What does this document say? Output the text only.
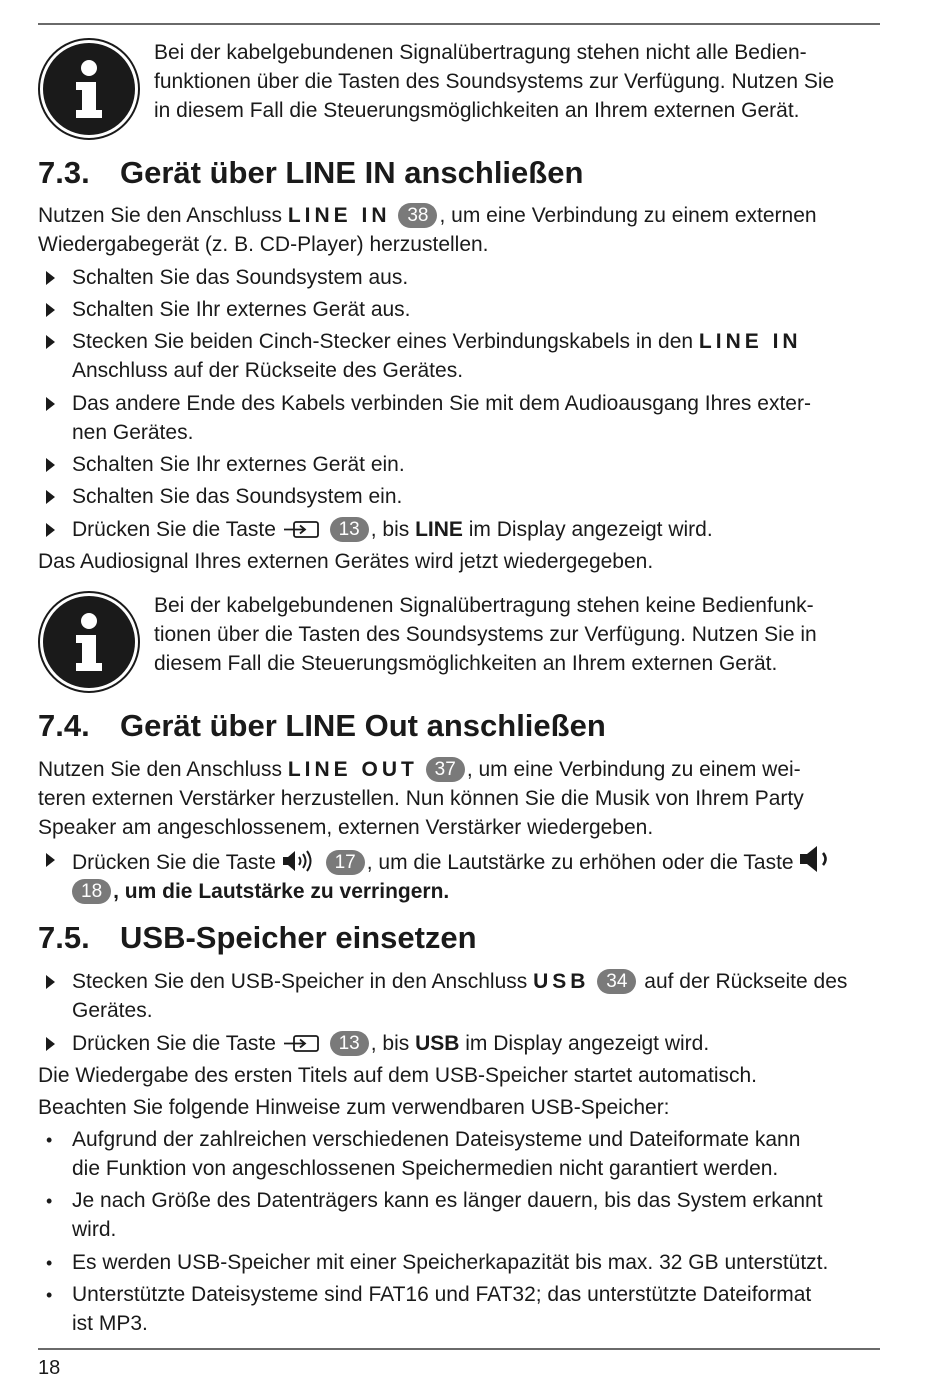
Bei der kabelgebundenen Signalübertragung stehen nicht alle Bedien-
funktionen über die Tasten des Soundsystems zur Verfügung. Nutzen Sie
in diesem Fall die Steuerungsmöglichkeiten an Ihrem externen Gerät.
7.3. Gerät über LINE IN anschließen
Nutzen Sie den Anschluss LINE IN 38 , um eine Verbindung zu einem externen
Wiedergabegerät (z. B. CD-Player) herzustellen.
Schalten Sie das Soundsystem aus.
Schalten Sie Ihr externes Gerät aus.
Stecken Sie beiden Cinch-Stecker eines Verbindungskabels in den LINE IN
Anschluss auf der Rückseite des Gerätes.
Das andere Ende des Kabels verbinden Sie mit dem Audioausgang Ihres exter-
nen Gerätes.
Schalten Sie Ihr externes Gerät ein.
Schalten Sie das Soundsystem ein.
Drücken Sie die Taste	13 , bis LINE im Display angezeigt wird.
Das Audiosignal Ihres externen Gerätes wird jetzt wiedergegeben.
Bei der kabelgebundenen Signalübertragung stehen keine Bedienfunk-
tionen über die Tasten des Soundsystems zur Verfügung. Nutzen Sie in
diesem Fall die Steuerungsmöglichkeiten an Ihrem externen Gerät.
7.4. Gerät über LINE Out anschließen
Nutzen Sie den Anschluss LINE OUT 37 , um eine Verbindung zu einem wei-
teren externen Verstärker herzustellen. Nun können Sie die Musik von Ihrem Party
Speaker am angeschlossenem, externen Verstärker wiedergeben.
Drücken Sie die Taste	17 , um die Lautstärke zu erhöhen oder die Taste
18 , um die Lautstärke zu verringern.
7.5. USB-Speicher einsetzen
Stecken Sie den USB-Speicher in den Anschluss USB 34 auf der Rückseite des
Gerätes.
Drücken Sie die Taste	13 , bis USB im Display angezeigt wird.
Die Wiedergabe des ersten Titels auf dem USB-Speicher startet automatisch.
Beachten Sie folgende Hinweise zum verwendbaren USB-Speicher:
• Aufgrund der zahlreichen verschiedenen Dateisysteme und Dateiformate kann
die Funktion von angeschlossenen Speichermedien nicht garantiert werden.
• Je nach Größe des Datenträgers kann es länger dauern, bis das System erkannt
wird.
• Es werden USB-Speicher mit einer Speicherkapazität bis max. 32 GB unterstützt.
• Unterstützte Dateisysteme sind FAT16 und FAT32; das unterstützte Dateiformat
ist MP3.
18
